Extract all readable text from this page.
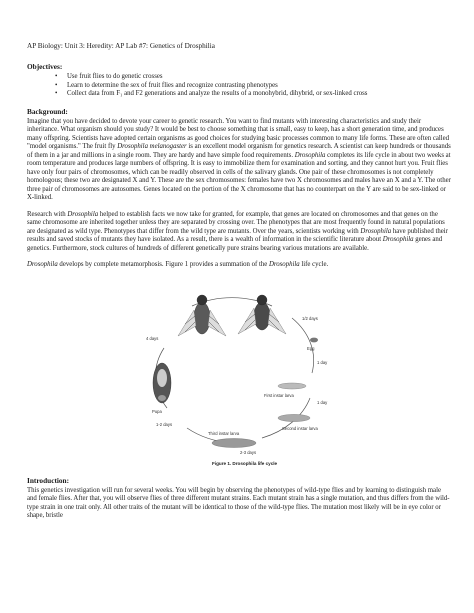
AP Biology: Unit 3: Heredity: AP Lab #7: Genetics of Drosphilia
Objectives:
• Use fruit flies to do genetic crosses
• Learn to determine the sex of fruit flies and recognize contrasting phenotypes
• Collect data from F₁ and F2 generations and analyze the results of a monohybrid, dihybrid, or sex-linked cross
Background:

Imagine that you have decided to devote your career to genetic research. You want to find mutants with interesting characteristics and study their inheritance. What organism should you study? It would be best to choose something that is small, easy to keep, has a short generation time, and produces many offspring. Scientists have adopted certain organisms as good choices for studying basic processes common to many life forms. These are often called "model organisms." The fruit fly Drosophila melanogaster is an excellent model organism for genetics research. A scientist can keep hundreds or thousands of them in a jar and millions in a single room. They are hardy and have simple food requirements. Drosophila completes its life cycle in about two weeks at room temperature and produces large numbers of offspring. It is easy to immobilize them for examination and sorting, and they cannot hurt you. Fruit flies have only four pairs of chromosomes, which can be readily observed in cells of the salivary glands. One pair of these chromosomes is not completely homologous; these two are designated X and Y. These are the sex chromosomes: females have two X chromosomes and males have an X and a Y. The other three pair of chromosomes are autosomes. Genes located on the portion of the X chromosome that has no counterpart on the Y are said to be sex-linked or X-linked.

Research with Drosophila helped to establish facts we now take for granted, for example, that genes are located on chromosomes and that genes on the same chromosome are inherited together unless they are separated by crossing over. The phenotypes that are most frequently found in natural populations are designated as wild type. Phenotypes that differ from the wild type are mutants. Over the years, scientists working with Drosophila have published their results and saved stocks of mutants they have isolated. As a result, there is a wealth of information in the scientific literature about Drosophila genes and genetics. Furthermore, stock cultures of hundreds of different genetically pure strains bearing various mutations are available.

Drosophila develops by complete metamorphosis. Figure 1 provides a summation of the Drosophila life cycle.

4 days
1/2 days
Egg
1 day
First instar larva
1 day
Second instar larva
Third instar larva
2-3 days
Pupa
1-2 days
Figure 1. Drosophila life cycle
Introduction:

This genetics investigation will run for several weeks. You will begin by observing the phenotypes of wild-type flies and by learning to distinguish male and female flies. After that, you will observe flies of three different mutant strains. Each mutant strain has a single mutation, and thus differs from the wild- type strain in one trait only. All other traits of the mutant will be identical to those of the wild-type flies. The mutation most likely will be in eye color or shape, bristle
